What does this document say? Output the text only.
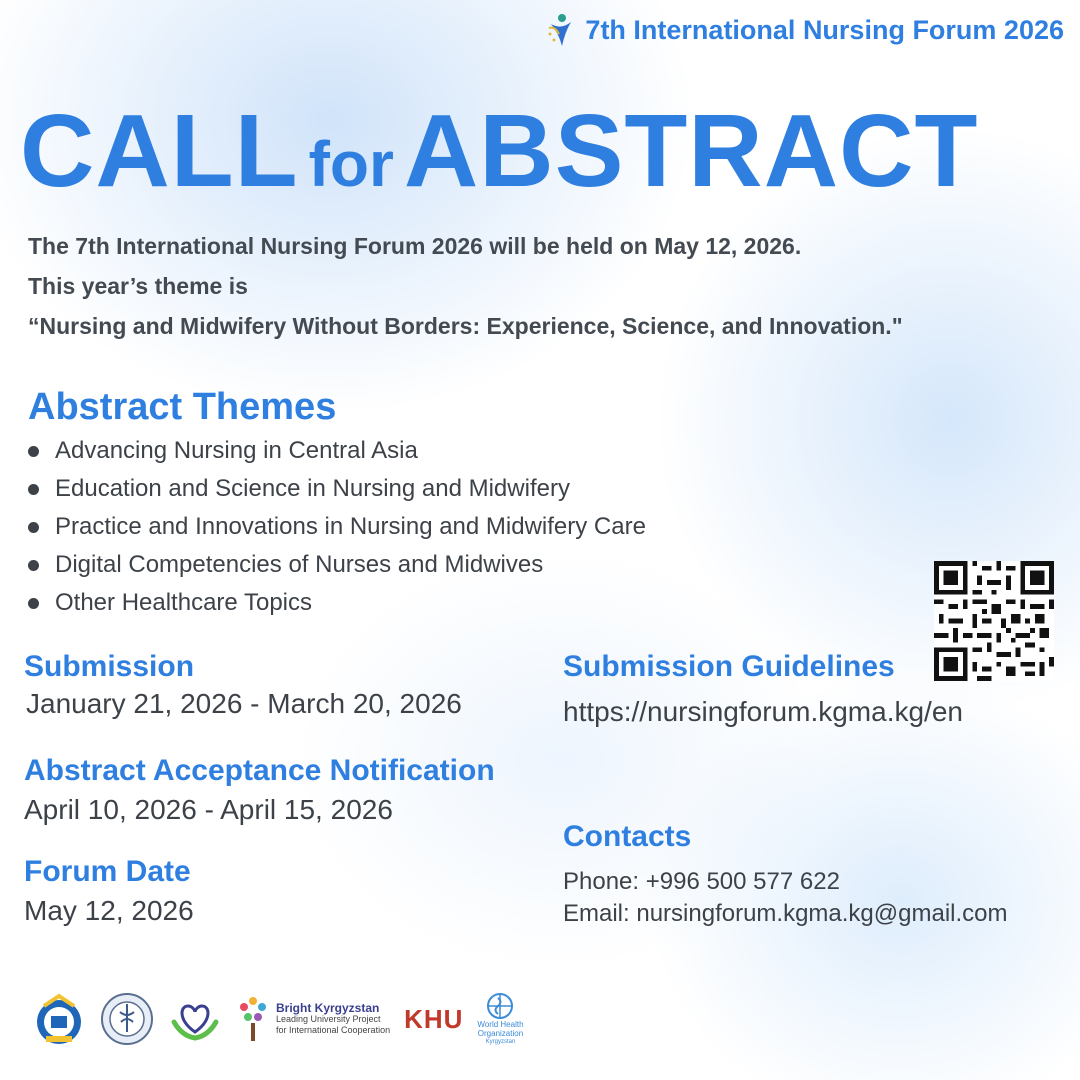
7th International Nursing Forum 2026
CALL forABSTRACT
The 7th International Nursing Forum 2026 will be held on May 12, 2026.
This year’s theme is
“Nursing and Midwifery Without Borders: Experience, Science, and Innovation."
Abstract Themes
Advancing Nursing in Central Asia
Education and Science in Nursing and Midwifery
Practice and Innovations in Nursing and Midwifery Care
Digital Competencies of Nurses and Midwives
Other Healthcare Topics
Submission
January 21, 2026 - March 20, 2026
Abstract Acceptance Notification
April 10, 2026 - April 15, 2026
Forum Date
May 12, 2026
Submission Guidelines
https://nursingforum.kgma.kg/en
Contacts
Phone: +996 500 577 622
Email: nursingforum.kgma.kg@gmail.com
Bright Kyrgyzstan
Leading University Project
for International Cooperation KHU World Health
Organization
Kyrgyzstan
